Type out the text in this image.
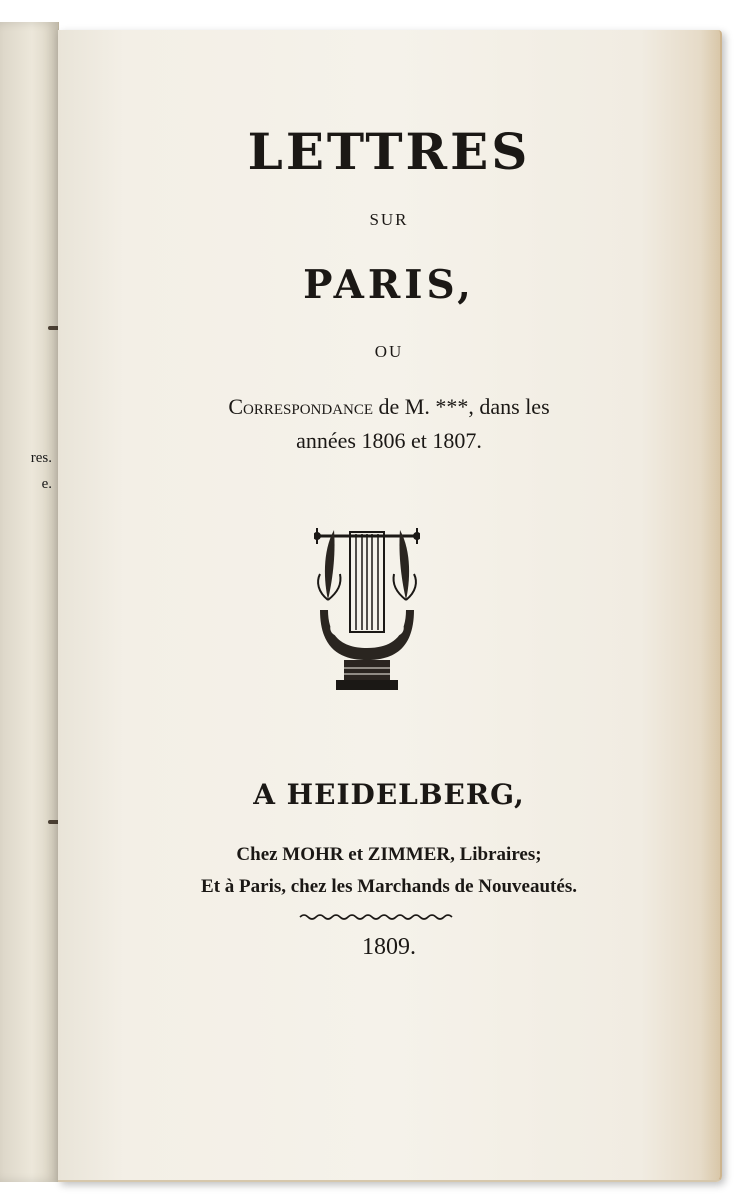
res.
e.
LETTRES
SUR
PARIS,
OU
Correspondance de M. ***, dans les
années 1806 et 1807.
A HEIDELBERG,
Chez MOHR et ZIMMER, Libraires;
Et à Paris, chez les Marchands de Nouveautés.
1809.
